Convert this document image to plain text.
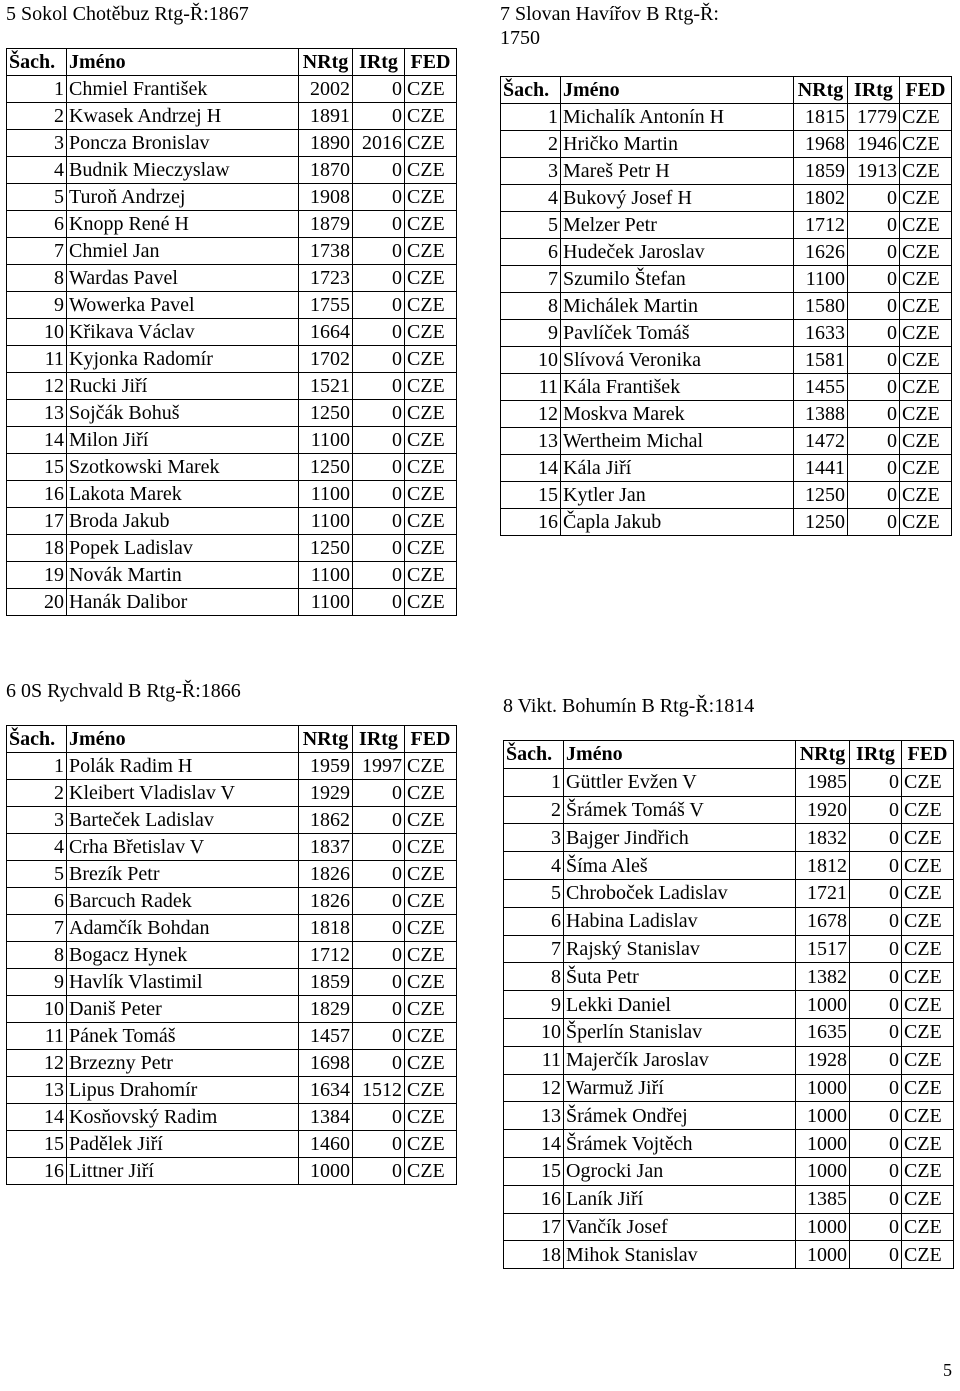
5 Sokol Chotěbuz Rtg-Ř:1867
Šach.	Jméno	NRtg	IRtg	FED
1	Chmiel František	2002	0	CZE
2	Kwasek Andrzej H	1891	0	CZE
3	Poncza Bronislav	1890	2016	CZE
4	Budnik Mieczyslaw	1870	0	CZE
5	Turoň Andrzej	1908	0	CZE
6	Knopp René H	1879	0	CZE
7	Chmiel Jan	1738	0	CZE
8	Wardas Pavel	1723	0	CZE
9	Wowerka Pavel	1755	0	CZE
10	Křikava Václav	1664	0	CZE
11	Kyjonka Radomír	1702	0	CZE
12	Rucki Jiří	1521	0	CZE
13	Sojčák Bohuš	1250	0	CZE
14	Milon Jiří	1100	0	CZE
15	Szotkowski Marek	1250	0	CZE
16	Lakota Marek	1100	0	CZE
17	Broda Jakub	1100	0	CZE
18	Popek Ladislav	1250	0	CZE
19	Novák Martin	1100	0	CZE
20	Hanák Dalibor	1100	0	CZE
7 Slovan Havířov B Rtg-Ř: 1750
Šach.	Jméno	NRtg	IRtg	FED
1	Michalík Antonín H	1815	1779	CZE
2	Hričko Martin	1968	1946	CZE
3	Mareš Petr H	1859	1913	CZE
4	Bukový Josef H	1802	0	CZE
5	Melzer Petr	1712	0	CZE
6	Hudeček Jaroslav	1626	0	CZE
7	Szumilo Štefan	1100	0	CZE
8	Michálek Martin	1580	0	CZE
9	Pavlíček Tomáš	1633	0	CZE
10	Slívová Veronika	1581	0	CZE
11	Kála František	1455	0	CZE
12	Moskva Marek	1388	0	CZE
13	Wertheim Michal	1472	0	CZE
14	Kála Jiří	1441	0	CZE
15	Kytler Jan	1250	0	CZE
16	Čapla Jakub	1250	0	CZE
6 0S Rychvald B Rtg-Ř:1866
Šach.	Jméno	NRtg	IRtg	FED
1	Polák Radim H	1959	1997	CZE
2	Kleibert Vladislav V	1929	0	CZE
3	Barteček Ladislav	1862	0	CZE
4	Crha Břetislav V	1837	0	CZE
5	Brezík Petr	1826	0	CZE
6	Barcuch Radek	1826	0	CZE
7	Adamčík Bohdan	1818	0	CZE
8	Bogacz Hynek	1712	0	CZE
9	Havlík Vlastimil	1859	0	CZE
10	Daniš Peter	1829	0	CZE
11	Pánek Tomáš	1457	0	CZE
12	Brzezny Petr	1698	0	CZE
13	Lipus Drahomír	1634	1512	CZE
14	Kosňovský Radim	1384	0	CZE
15	Padělek Jiří	1460	0	CZE
16	Littner Jiří	1000	0	CZE
8 Vikt. Bohumín B Rtg-Ř:1814
Šach.	Jméno	NRtg	IRtg	FED
1	Güttler Evžen V	1985	0	CZE
2	Šrámek Tomáš V	1920	0	CZE
3	Bajger Jindřich	1832	0	CZE
4	Šíma Aleš	1812	0	CZE
5	Chroboček Ladislav	1721	0	CZE
6	Habina Ladislav	1678	0	CZE
7	Rajský Stanislav	1517	0	CZE
8	Šuta Petr	1382	0	CZE
9	Lekki Daniel	1000	0	CZE
10	Šperlín Stanislav	1635	0	CZE
11	Majerčík Jaroslav	1928	0	CZE
12	Warmuž Jiří	1000	0	CZE
13	Šrámek Ondřej	1000	0	CZE
14	Šrámek Vojtěch	1000	0	CZE
15	Ogrocki Jan	1000	0	CZE
16	Laník Jiří	1385	0	CZE
17	Vančík Josef	1000	0	CZE
18	Mihok Stanislav	1000	0	CZE
5
